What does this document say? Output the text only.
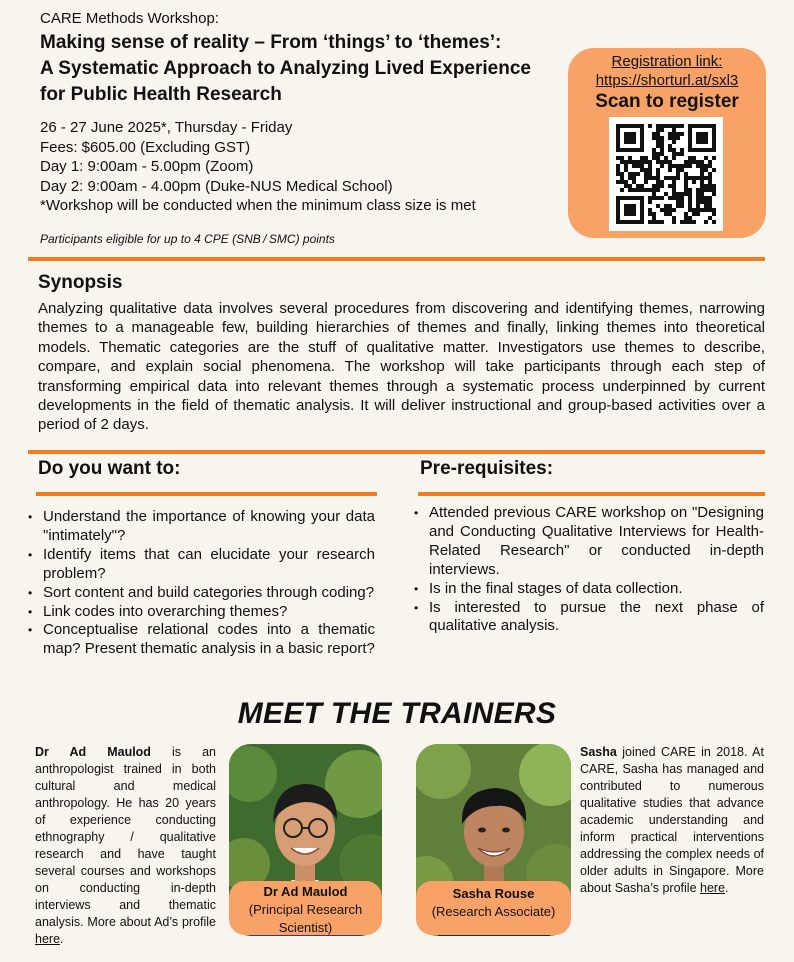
CARE Methods Workshop:
Making sense of reality – From ‘things’ to ‘themes’:
A Systematic Approach to Analyzing Lived Experience
for Public Health Research
26 - 27 June 2025*, Thursday - Friday
Fees: $605.00 (Excluding GST)
Day 1: 9:00am - 5.00pm (Zoom)
Day 2: 9:00am - 4.00pm (Duke-NUS Medical School)
*Workshop will be conducted when the minimum class size is met
Participants eligible for up to 4 CPE (SNB / SMC) points
Registration link:
https://shorturl.at/sxl3
Scan to register
Synopsis
Analyzing qualitative data involves several procedures from discovering and identifying themes, narrowing themes to a manageable few, building hierarchies of themes and finally, linking themes into theoretical models. Thematic categories are the stuff of qualitative matter. Investigators use themes to describe, compare, and explain social phenomena. The workshop will take participants through each step of transforming empirical data into relevant themes through a systematic process underpinned by current developments in the field of thematic analysis. It will deliver instructional and group-based activities over a period of 2 days.
Do you want to:
• Understand the importance of knowing your data "intimately"?
• Identify items that can elucidate your research problem?
• Sort content and build categories through coding?
• Link codes into overarching themes?
• Conceptualise relational codes into a thematic map? Present thematic analysis in a basic report?
Pre-requisites:
• Attended previous CARE workshop on "Designing and Conducting Qualitative Interviews for Health-Related Research" or conducted in-depth interviews.
• Is in the final stages of data collection.
• Is interested to pursue the next phase of qualitative analysis.
MEET THE TRAINERS
Dr Ad Maulod is an anthropologist trained in both cultural and medical anthropology. He has 20 years of experience conducting ethnography / qualitative research and have taught several courses and workshops on conducting in-depth interviews and thematic analysis. More about Ad’s profile here.
Dr Ad Maulod
(Principal Research Scientist)
Sasha Rouse
(Research Associate)
Sasha joined CARE in 2018. At CARE, Sasha has managed and contributed to numerous qualitative studies that advance academic understanding and inform practical interventions addressing the complex needs of older adults in Singapore. More about Sasha’s profile here.
